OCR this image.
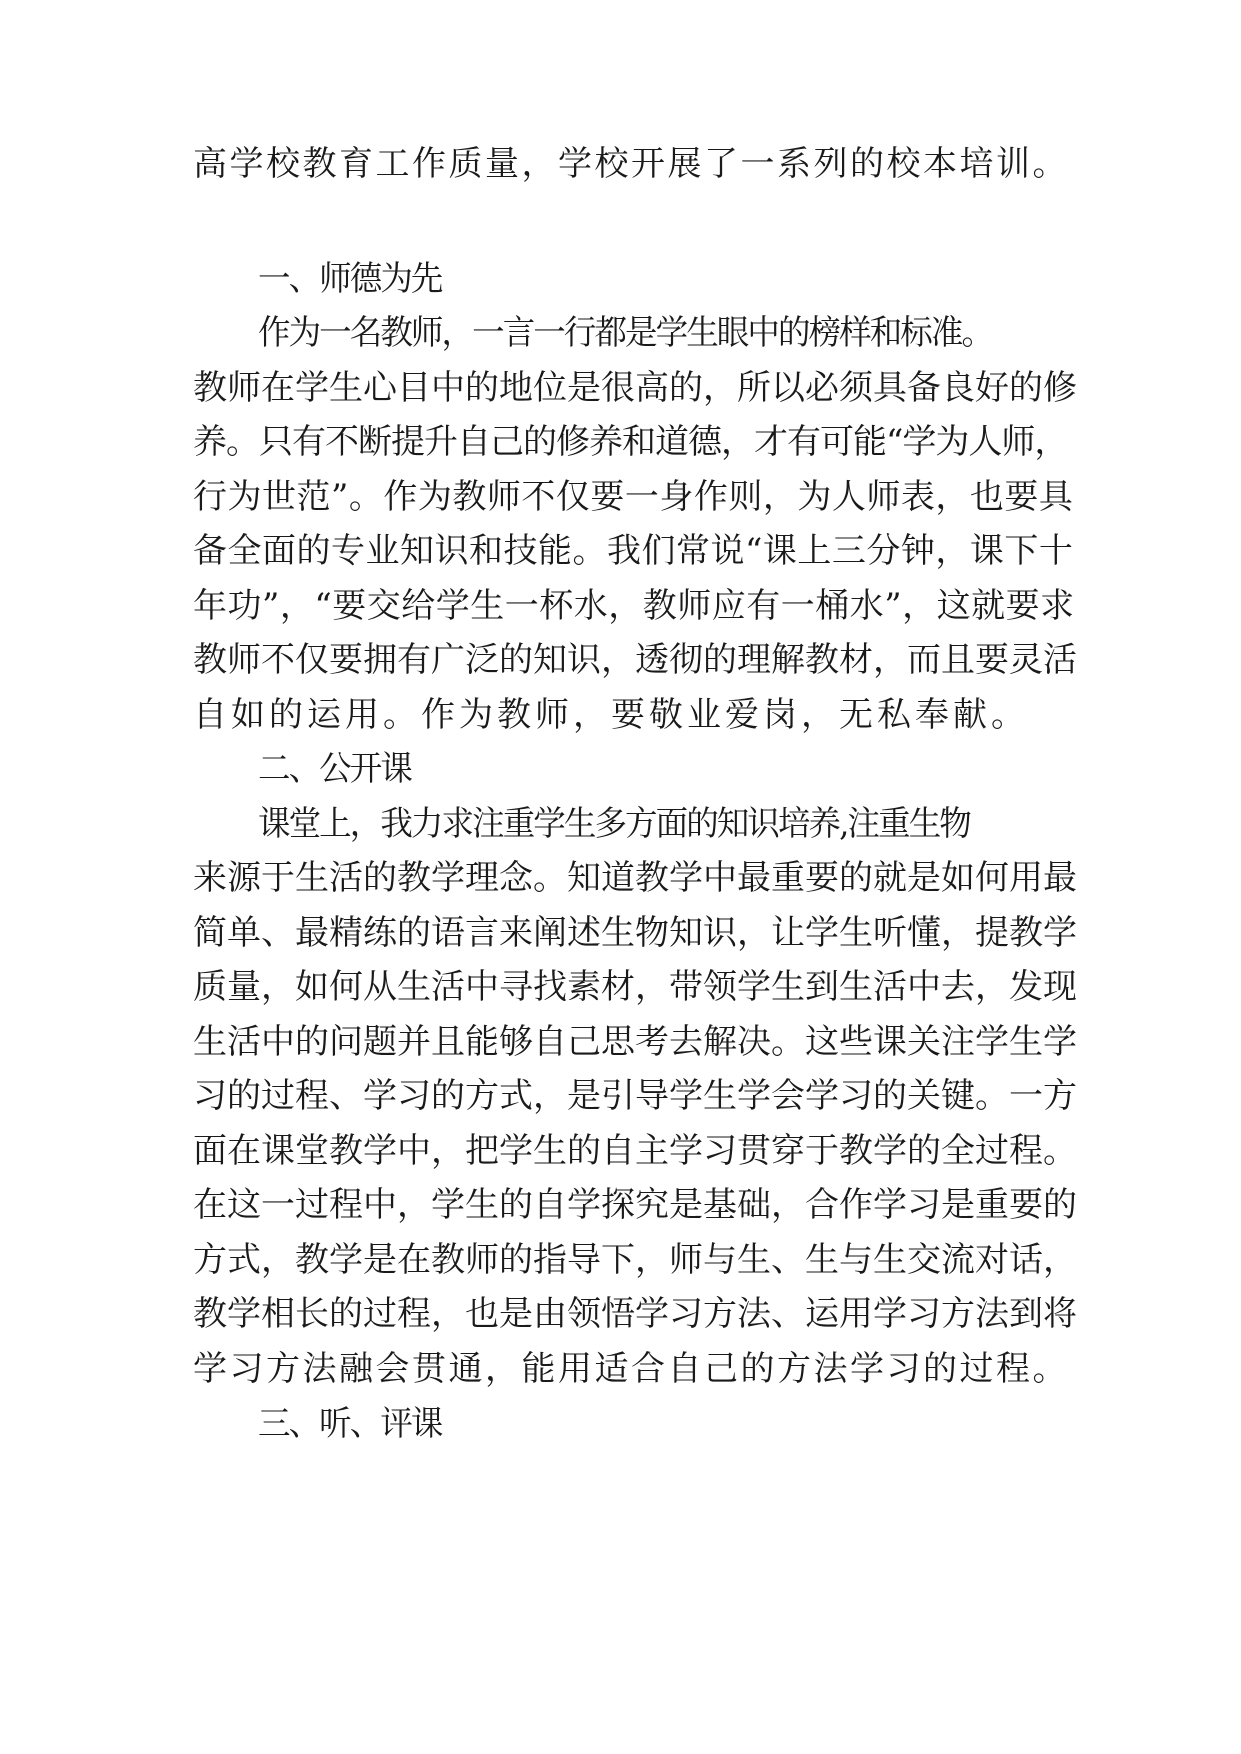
高学校教育工作质量，学校开展了一系列的校本培训。

一、师德为先

作为一名教师，一言一行都是学生眼中的榜样和标准。

教师在学生心目中的地位是很高的，所以必须具备良好的修

养。只有不断提升自己的修养和道德，才有可能“学为人师，

行为世范”。作为教师不仅要一身作则，为人师表，也要具

备全面的专业知识和技能。我们常说“课上三分钟，课下十

年功”，“要交给学生一杯水，教师应有一桶水”，这就要求

教师不仅要拥有广泛的知识，透彻的理解教材，而且要灵活

自如的运用。作为教师，要敬业爱岗，无私奉献。

二、公开课

课堂上，我力求注重学生多方面的知识培养,注重生物

来源于生活的教学理念。知道教学中最重要的就是如何用最

简单、最精练的语言来阐述生物知识，让学生听懂，提教学

质量，如何从生活中寻找素材，带领学生到生活中去，发现

生活中的问题并且能够自己思考去解决。这些课关注学生学

习的过程、学习的方式，是引导学生学会学习的关键。一方

面在课堂教学中，把学生的自主学习贯穿于教学的全过程。

在这一过程中，学生的自学探究是基础，合作学习是重要的

方式，教学是在教师的指导下，师与生、生与生交流对话，

教学相长的过程，也是由领悟学习方法、运用学习方法到将

学习方法融会贯通，能用适合自己的方法学习的过程。

三、听、评课
